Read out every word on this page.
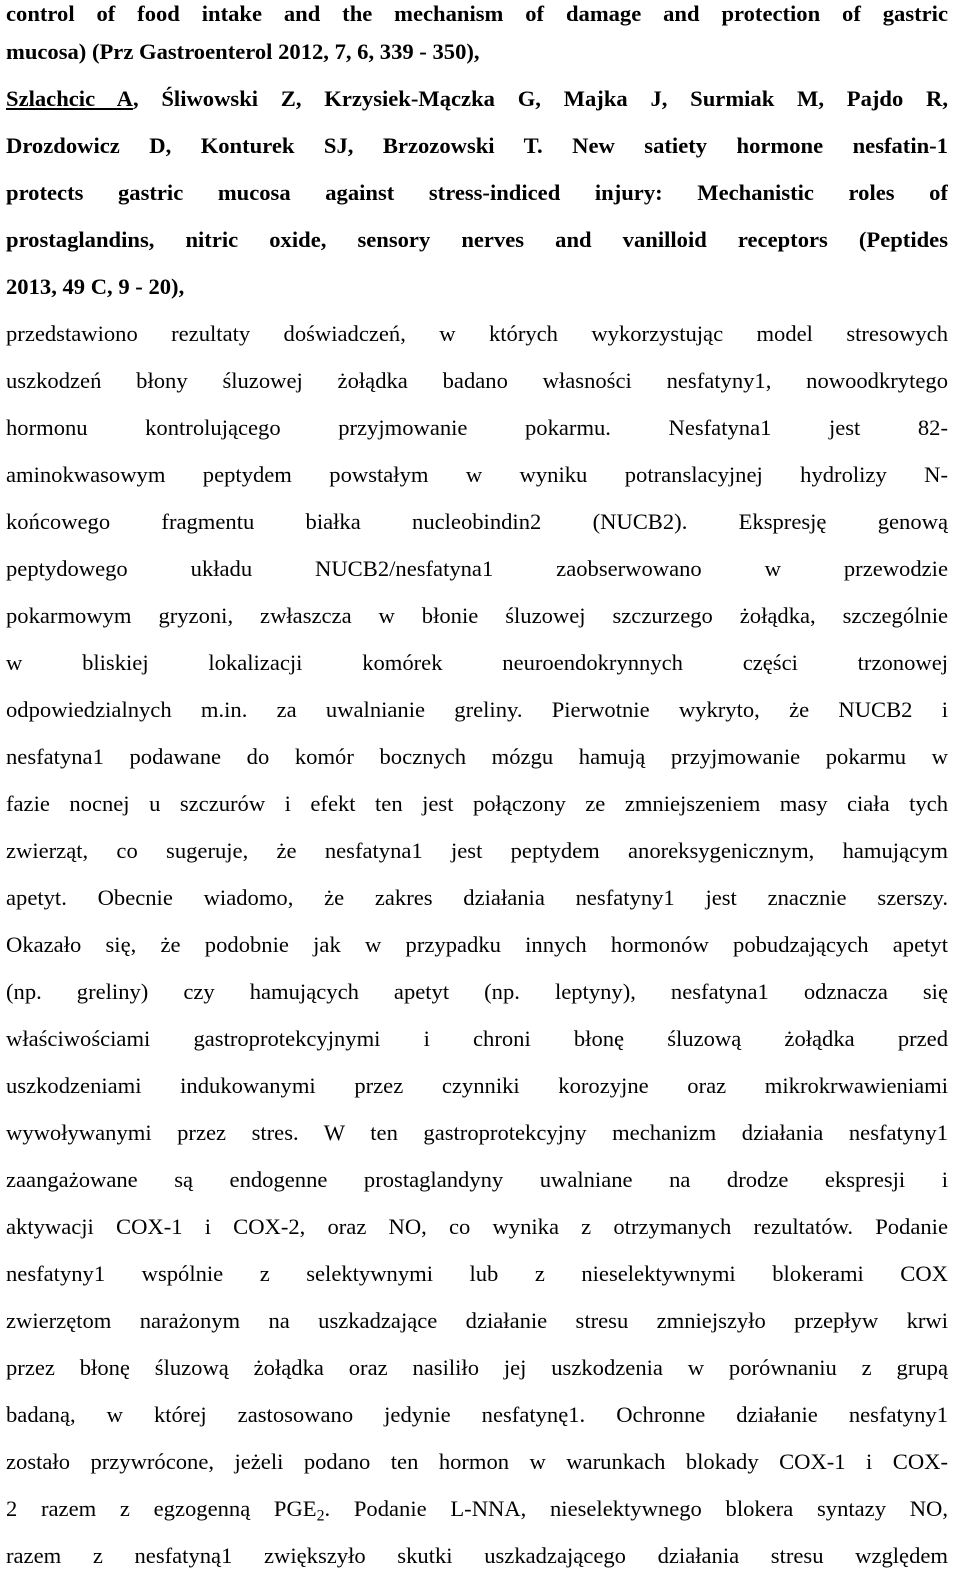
control of food intake and the mechanism of damage and protection of gastric
mucosa) (Prz Gastroenterol 2012, 7, 6, 339 - 350),
Szlachcic A, Śliwowski Z, Krzysiek-Mączka G, Majka J, Surmiak M, Pajdo R,
Drozdowicz D, Konturek SJ, Brzozowski T. New satiety hormone nesfatin-1
protects gastric mucosa against stress-indiced injury: Mechanistic roles of
prostaglandins, nitric oxide, sensory nerves and vanilloid receptors (Peptides
2013, 49 C, 9 - 20),
przedstawiono rezultaty doświadczeń, w których wykorzystując model stresowych
uszkodzeń błony śluzowej żołądka badano własności nesfatyny1, nowoodkrytego
hormonu kontrolującego przyjmowanie pokarmu. Nesfatyna1 jest 82-
aminokwasowym peptydem powstałym w wyniku potranslacyjnej hydrolizy N-
końcowego fragmentu białka nucleobindin2 (NUCB2). Ekspresję genową
peptydowego układu NUCB2/nesfatyna1 zaobserwowano w przewodzie
pokarmowym gryzoni, zwłaszcza w błonie śluzowej szczurzego żołądka, szczególnie
w bliskiej lokalizacji komórek neuroendokrynnych części trzonowej
odpowiedzialnych m.in. za uwalnianie greliny. Pierwotnie wykryto, że NUCB2 i
nesfatyna1 podawane do komór bocznych mózgu hamują przyjmowanie pokarmu w
fazie nocnej u szczurów i efekt ten jest połączony ze zmniejszeniem masy ciała tych
zwierząt, co sugeruje, że nesfatyna1 jest peptydem anoreksygenicznym, hamującym
apetyt. Obecnie wiadomo, że zakres działania nesfatyny1 jest znacznie szerszy.
Okazało się, że podobnie jak w przypadku innych hormonów pobudzających apetyt
(np. greliny) czy hamujących apetyt (np. leptyny), nesfatyna1 odznacza się
właściwościami gastroprotekcyjnymi i chroni błonę śluzową żołądka przed
uszkodzeniami indukowanymi przez czynniki korozyjne oraz mikrokrwawieniami
wywoływanymi przez stres. W ten gastroprotekcyjny mechanizm działania nesfatyny1
zaangażowane są endogenne prostaglandyny uwalniane na drodze ekspresji i
aktywacji COX-1 i COX-2, oraz NO, co wynika z otrzymanych rezultatów. Podanie
nesfatyny1 wspólnie z selektywnymi lub z nieselektywnymi blokerami COX
zwierzętom narażonym na uszkadzające działanie stresu zmniejszyło przepływ krwi
przez błonę śluzową żołądka oraz nasiliło jej uszkodzenia w porównaniu z grupą
badaną, w której zastosowano jedynie nesfatynę1. Ochronne działanie nesfatyny1
zostało przywrócone, jeżeli podano ten hormon w warunkach blokady COX-1 i COX-
2 razem z egzogenną $PGE_2$. Podanie L-NNA, nieselektywnego blokera syntazy NO,
razem z nesfatyną1 zwiększyło skutki uszkadzającego działania stresu względem
